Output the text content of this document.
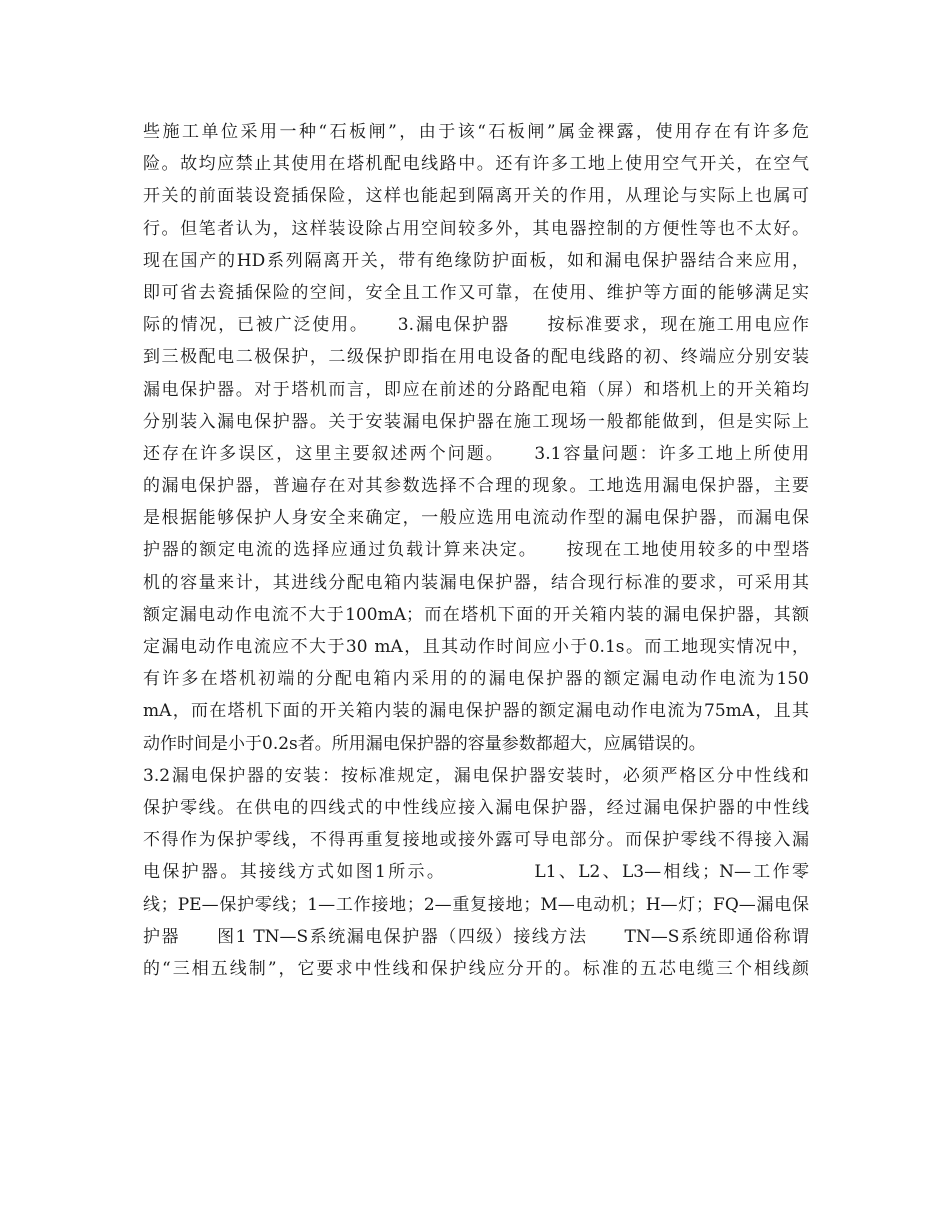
些施工单位采用一种“石板闸”，由于该“石板闸”属金裸露，使用存在有许多危
险。故均应禁止其使用在塔机配电线路中。还有许多工地上使用空气开关，在空气
开关的前面装设瓷插保险，这样也能起到隔离开关的作用，从理论与实际上也属可
行。但笔者认为，这样装设除占用空间较多外，其电器控制的方便性等也不太好。
现在国产的HD系列隔离开关，带有绝缘防护面板，如和漏电保护器结合来应用，
即可省去瓷插保险的空间，安全且工作又可靠，在使用、维护等方面的能够满足实
际的情况，已被广泛使用。　　3.漏电保护器　　按标准要求，现在施工用电应作
到三极配电二极保护，二级保护即指在用电设备的配电线路的初、终端应分别安装
漏电保护器。对于塔机而言，即应在前述的分路配电箱（屏）和塔机上的开关箱均
分别装入漏电保护器。关于安装漏电保护器在施工现场一般都能做到，但是实际上
还存在许多误区，这里主要叙述两个问题。　　3.1容量问题：许多工地上所使用
的漏电保护器，普遍存在对其参数选择不合理的现象。工地选用漏电保护器，主要
是根据能够保护人身安全来确定，一般应选用电流动作型的漏电保护器，而漏电保
护器的额定电流的选择应通过负载计算来决定。　　按现在工地使用较多的中型塔
机的容量来计，其进线分配电箱内装漏电保护器，结合现行标准的要求，可采用其
额定漏电动作电流不大于100mA；而在塔机下面的开关箱内装的漏电保护器，其额
定漏电动作电流应不大于30 mA，且其动作时间应小于0.1s。而工地现实情况中，
有许多在塔机初端的分配电箱内采用的的漏电保护器的额定漏电动作电流为150
mA，而在塔机下面的开关箱内装的漏电保护器的额定漏电动作电流为75mA，且其
动作时间是小于0.2s者。所用漏电保护器的容量参数都超大，应属错误的。
3.2漏电保护器的安装：按标准规定，漏电保护器安装时，必须严格区分中性线和
保护零线。在供电的四线式的中性线应接入漏电保护器，经过漏电保护器的中性线
不得作为保护零线，不得再重复接地或接外露可导电部分。而保护零线不得接入漏
电保护器。其接线方式如图1所示。　　　　　L1、L2、L3—相线；N—工作零
线；PE—保护零线；1—工作接地；2—重复接地；M—电动机；H—灯；FQ—漏电保
护器　　图1 TN—S系统漏电保护器（四级）接线方法　　TN—S系统即通俗称谓
的“三相五线制”，它要求中性线和保护线应分开的。标准的五芯电缆三个相线颜
